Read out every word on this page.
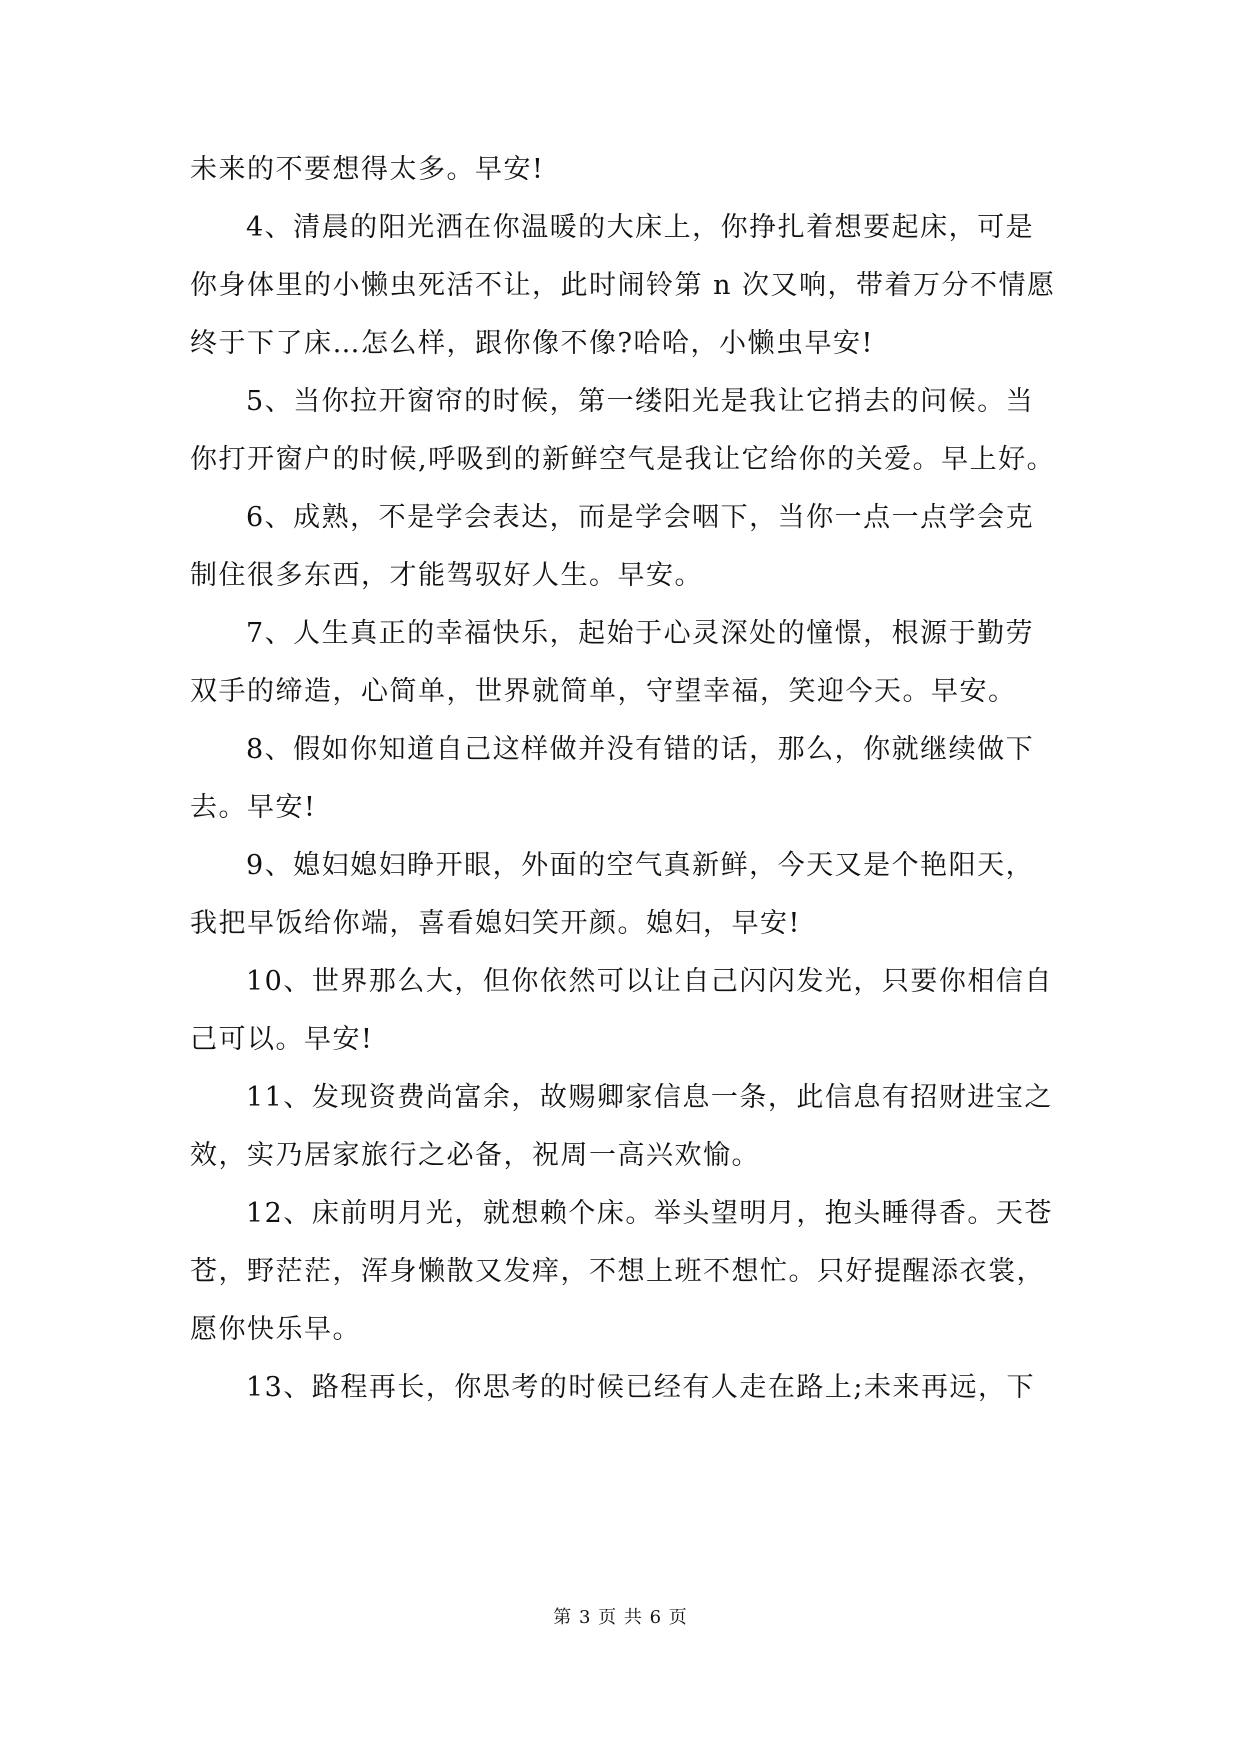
未来的不要想得太多。早安!
4、清晨的阳光洒在你温暖的大床上，你挣扎着想要起床，可是
你身体里的小懒虫死活不让，此时闹铃第 n 次又响，带着万分不情愿
终于下了床…怎么样，跟你像不像?哈哈，小懒虫早安!
5、当你拉开窗帘的时候，第一缕阳光是我让它捎去的问候。当
你打开窗户的时候,呼吸到的新鲜空气是我让它给你的关爱。早上好。
6、成熟，不是学会表达，而是学会咽下，当你一点一点学会克
制住很多东西，才能驾驭好人生。早安。
7、人生真正的幸福快乐，起始于心灵深处的憧憬，根源于勤劳
双手的缔造，心简单，世界就简单，守望幸福，笑迎今天。早安。
8、假如你知道自己这样做并没有错的话，那么，你就继续做下
去。早安!
9、媳妇媳妇睁开眼，外面的空气真新鲜，今天又是个艳阳天，
我把早饭给你端，喜看媳妇笑开颜。媳妇，早安!
10、世界那么大，但你依然可以让自己闪闪发光，只要你相信自
己可以。早安!
11、发现资费尚富余，故赐卿家信息一条，此信息有招财进宝之
效，实乃居家旅行之必备，祝周一高兴欢愉。
12、床前明月光，就想赖个床。举头望明月，抱头睡得香。天苍
苍，野茫茫，浑身懒散又发痒，不想上班不想忙。只好提醒添衣裳，
愿你快乐早。
13、路程再长，你思考的时候已经有人走在路上;未来再远，下
第 3 页 共 6 页
